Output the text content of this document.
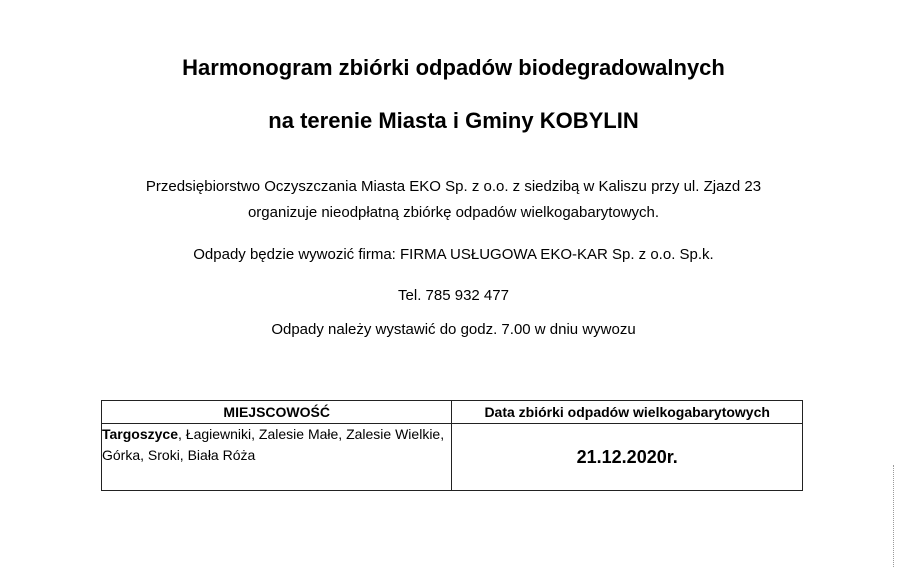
Harmonogram zbiórki odpadów biodegradowalnych
na terenie Miasta i Gminy KOBYLIN
Przedsiębiorstwo Oczyszczania Miasta EKO Sp. z o.o. z siedzibą w Kaliszu przy ul. Zjazd 23
organizuje nieodpłatną zbiórkę odpadów wielkogabarytowych.
Odpady będzie wywozić firma: FIRMA USŁUGOWA EKO-KAR Sp. z o.o. Sp.k.
Tel. 785 932 477
Odpady należy wystawić do godz. 7.00 w dniu wywozu
MIEJSCOWOŚĆ	Data zbiórki odpadów wielkogabarytowych
Targoszyce, Łagiewniki, Zalesie Małe, Zalesie Wielkie, Górka, Sroki, Biała Róża	21.12.2020r.
